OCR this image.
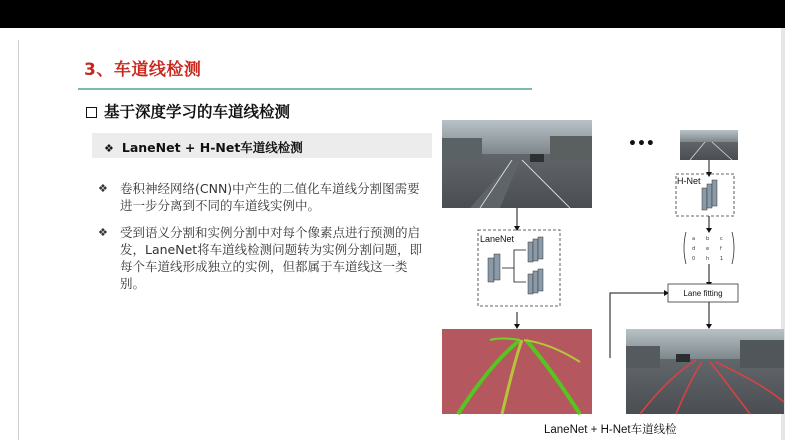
3、车道线检测
基于深度学习的车道线检测
❖ LaneNet + H-Net车道线检测
❖ 卷积神经网络(CNN)中产生的二值化车道线分割图需要进一步分离到不同的车道线实例中。
❖ 受到语义分割和实例分割中对每个像素点进行预测的启发，LaneNet将车道线检测问题转为实例分割问题，即每个车道线形成独立的实例，但都属于车道线这一类别。
•••
LaneNet
H-Net
a b c
d e f
0 h 1
Lane fitting
LaneNet + H-Net车道线检
